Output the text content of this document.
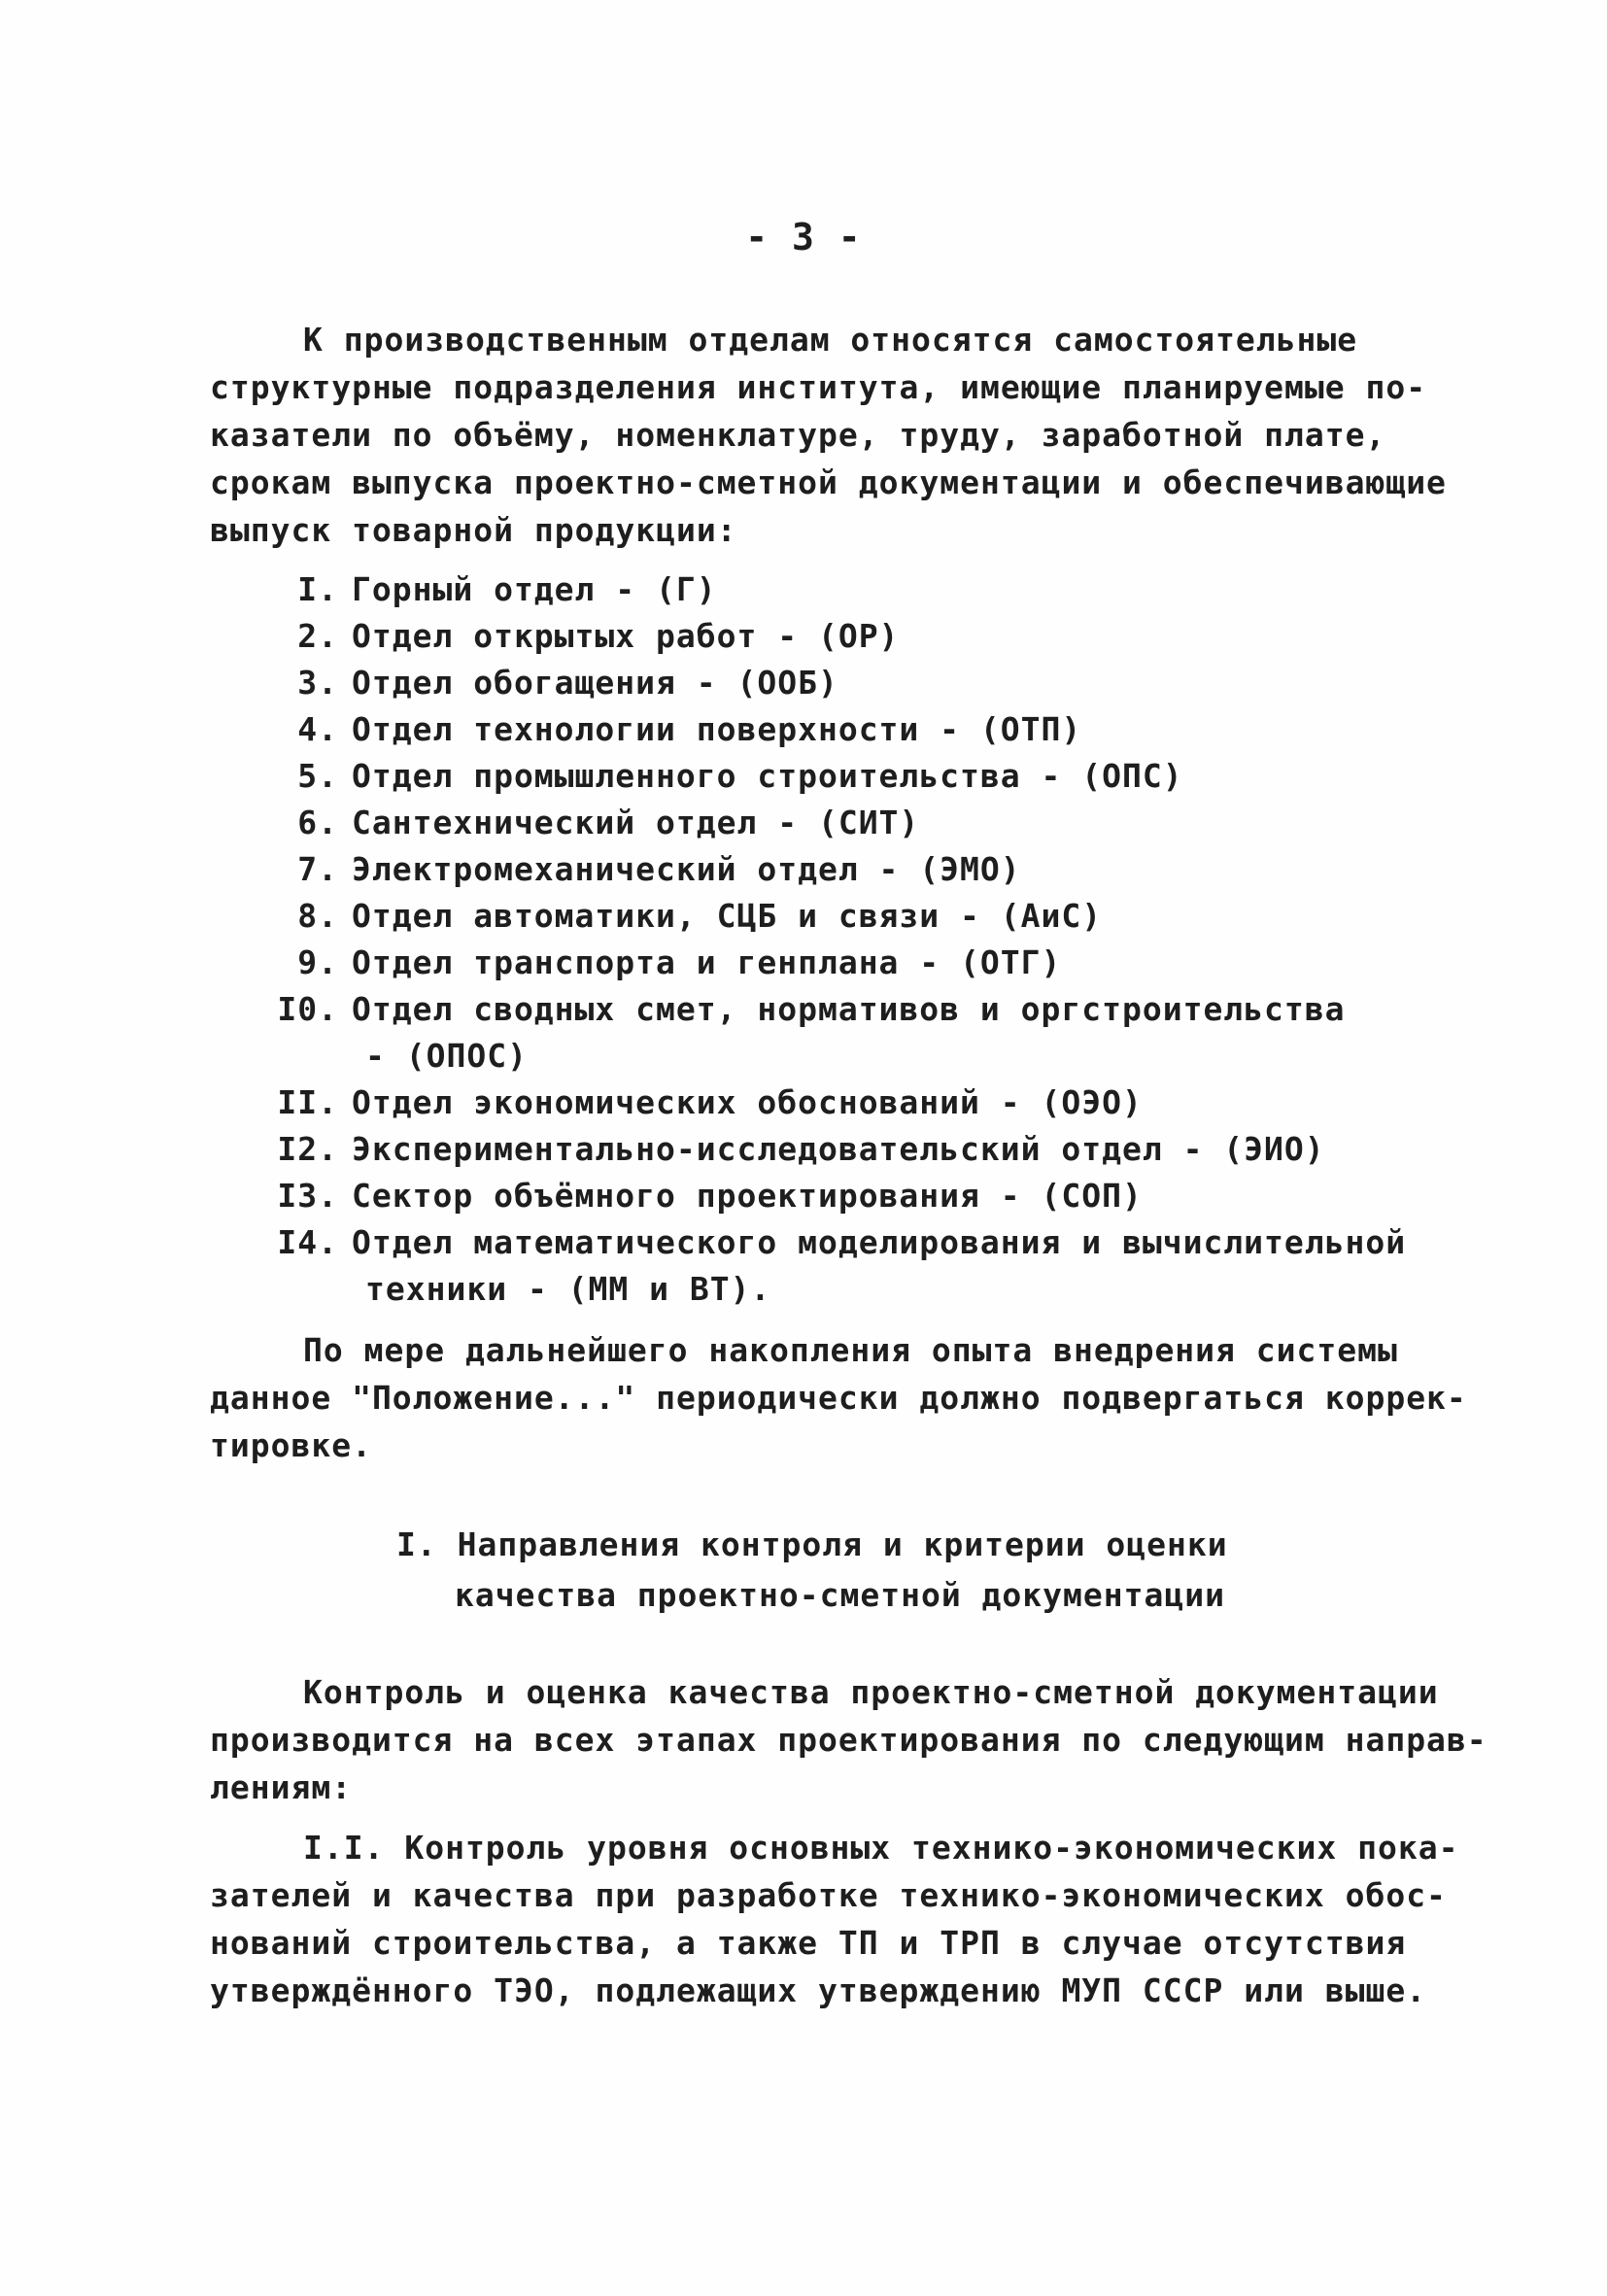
- 3 -
К производственным отделам относятся самостоятельные
структурные подразделения института, имеющие планируемые по-
казатели по объёму, номенклатуре, труду, заработной плате,
срокам выпуска проектно-сметной документации и обеспечивающие
выпуск товарной продукции:
I. Горный отдел - (Г)
2. Отдел открытых работ - (ОР)
3. Отдел обогащения - (ООБ)
4. Отдел технологии поверхности - (ОТП)
5. Отдел промышленного строительства - (ОПС)
6. Сантехнический отдел - (СИТ)
7. Электромеханический отдел - (ЭМО)
8. Отдел автоматики, СЦБ и связи - (АиС)
9. Отдел транспорта и генплана - (ОТГ)
I0. Отдел сводных смет, нормативов и оргстроительства
- (ОПОС)
II. Отдел экономических обоснований - (ОЭО)
I2. Экспериментально-исследовательский отдел - (ЭИО)
I3. Сектор объёмного проектирования - (СОП)
I4. Отдел математического моделирования и вычислительной
техники - (ММ и ВТ).
По мере дальнейшего накопления опыта внедрения системы
данное "Положение..." периодически должно подвергаться коррек-
тировке.
I. Направления контроля и критерии оценки
качества проектно-сметной документации
Контроль и оценка качества проектно-сметной документации
производится на всех этапах проектирования по следующим направ-
лениям:
I.I. Контроль уровня основных технико-экономических пока-
зателей и качества при разработке технико-экономических обос-
нований строительства, а также ТП и ТРП в случае отсутствия
утверждённого ТЭО, подлежащих утверждению МУП СССР или выше.
